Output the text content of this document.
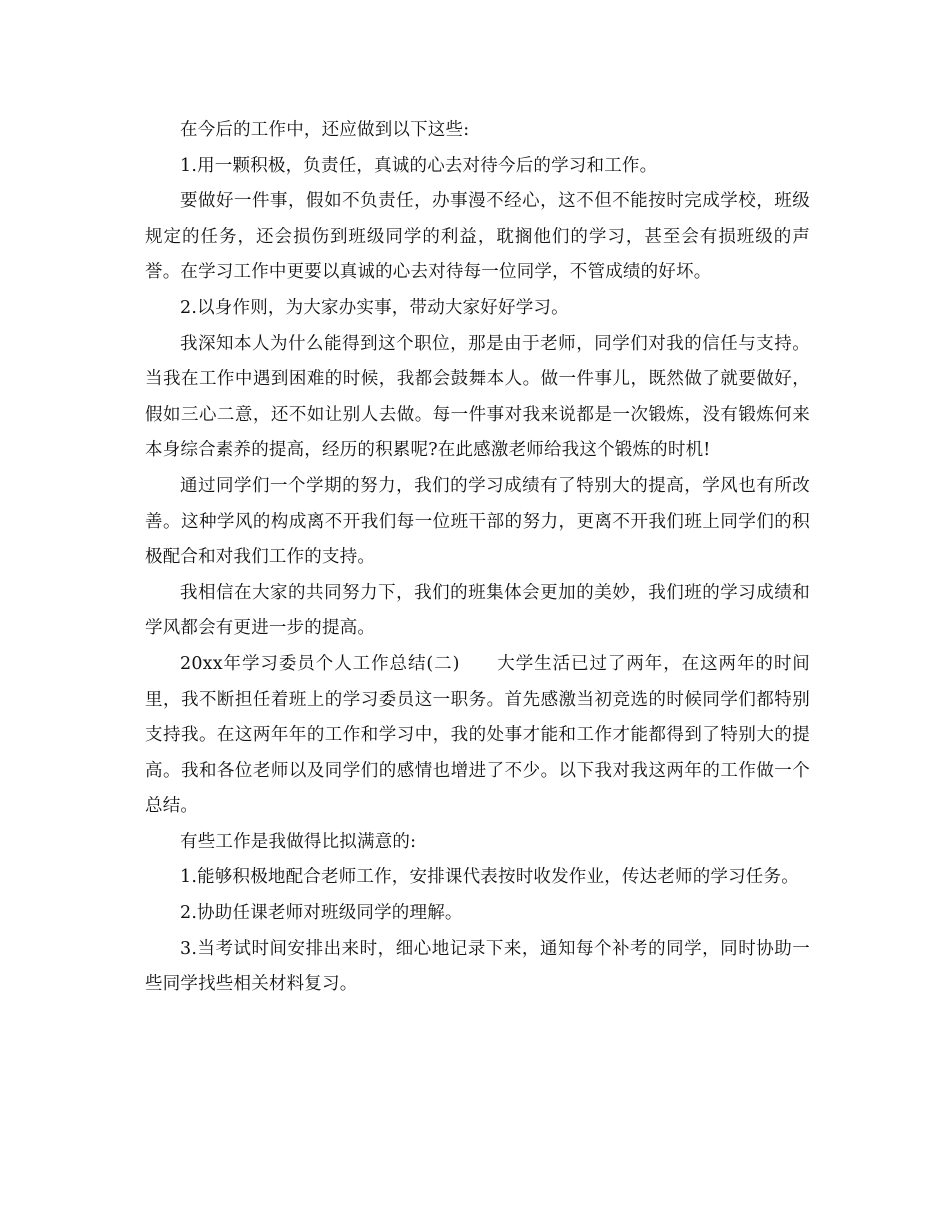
在今后的工作中，还应做到以下这些:

1.用一颗积极，负责任，真诚的心去对待今后的学习和工作。

要做好一件事，假如不负责任，办事漫不经心，这不但不能按时完成学校，班级规定的任务，还会损伤到班级同学的利益，耽搁他们的学习，甚至会有损班级的声誉。在学习工作中更要以真诚的心去对待每一位同学，不管成绩的好坏。

2.以身作则，为大家办实事，带动大家好好学习。

我深知本人为什么能得到这个职位，那是由于老师，同学们对我的信任与支持。当我在工作中遇到困难的时候，我都会鼓舞本人。做一件事儿，既然做了就要做好，假如三心二意，还不如让别人去做。每一件事对我来说都是一次锻炼，没有锻炼何来本身综合素养的提高，经历的积累呢?在此感激老师给我这个锻炼的时机!

通过同学们一个学期的努力，我们的学习成绩有了特别大的提高，学风也有所改善。这种学风的构成离不开我们每一位班干部的努力，更离不开我们班上同学们的积极配合和对我们工作的支持。

我相信在大家的共同努力下，我们的班集体会更加的美妙，我们班的学习成绩和学风都会有更进一步的提高。

20xx年学习委员个人工作总结(二)　　大学生活已过了两年，在这两年的时间里，我不断担任着班上的学习委员这一职务。首先感激当初竞选的时候同学们都特别支持我。在这两年年的工作和学习中，我的处事才能和工作才能都得到了特别大的提高。我和各位老师以及同学们的感情也增进了不少。以下我对我这两年的工作做一个总结。

有些工作是我做得比拟满意的:

1.能够积极地配合老师工作，安排课代表按时收发作业，传达老师的学习任务。

2.协助任课老师对班级同学的理解。

3.当考试时间安排出来时，细心地记录下来，通知每个补考的同学，同时协助一些同学找些相关材料复习。
